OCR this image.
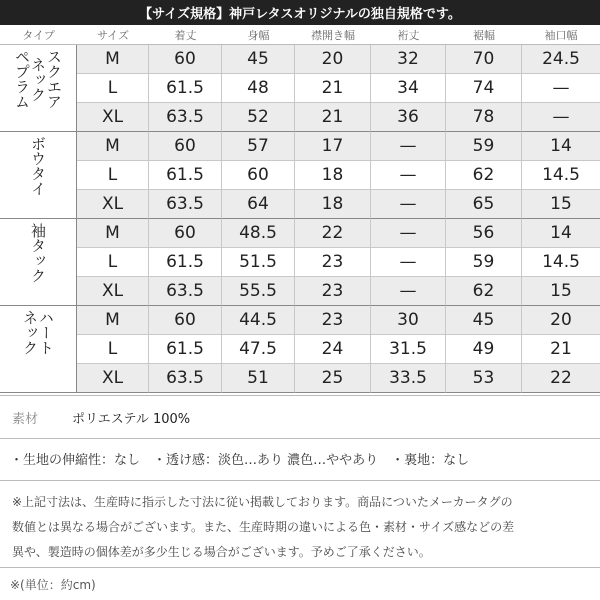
【サイズ規格】神戸レタスオリジナルの独自規格です。
タイプ	サイズ	着丈	身幅	襟開き幅	裄丈	裾幅	袖口幅

スクエア
ネック
ペプラム	M	60	45	20	32	70	24.5
	L	61.5	48	21	34	74	—
	XL	63.5	52	21	36	78	—

ボウタイ	M	60	57	17	—	59	14
	L	61.5	60	18	—	62	14.5
	XL	63.5	64	18	—	65	15

袖タック	M	60	48.5	22	—	56	14
	L	61.5	51.5	23	—	59	14.5
	XL	63.5	55.5	23	—	62	15

ハート
ネック	M	60	44.5	23	30	45	20
	L	61.5	47.5	24	31.5	49	21
	XL	63.5	51	25	33.5	53	22
素材	ポリエステル 100%
・生地の伸縮性：なし　・透け感：淡色…あり 濃色…ややあり　・裏地：なし
※上記寸法は、生産時に指示した寸法に従い掲載しております。商品についたメーカータグの
数値とは異なる場合がございます。また、生産時期の違いによる色・素材・サイズ感などの差
異や、製造時の個体差が多少生じる場合がございます。予めご了承ください。
※(単位：約cm)
